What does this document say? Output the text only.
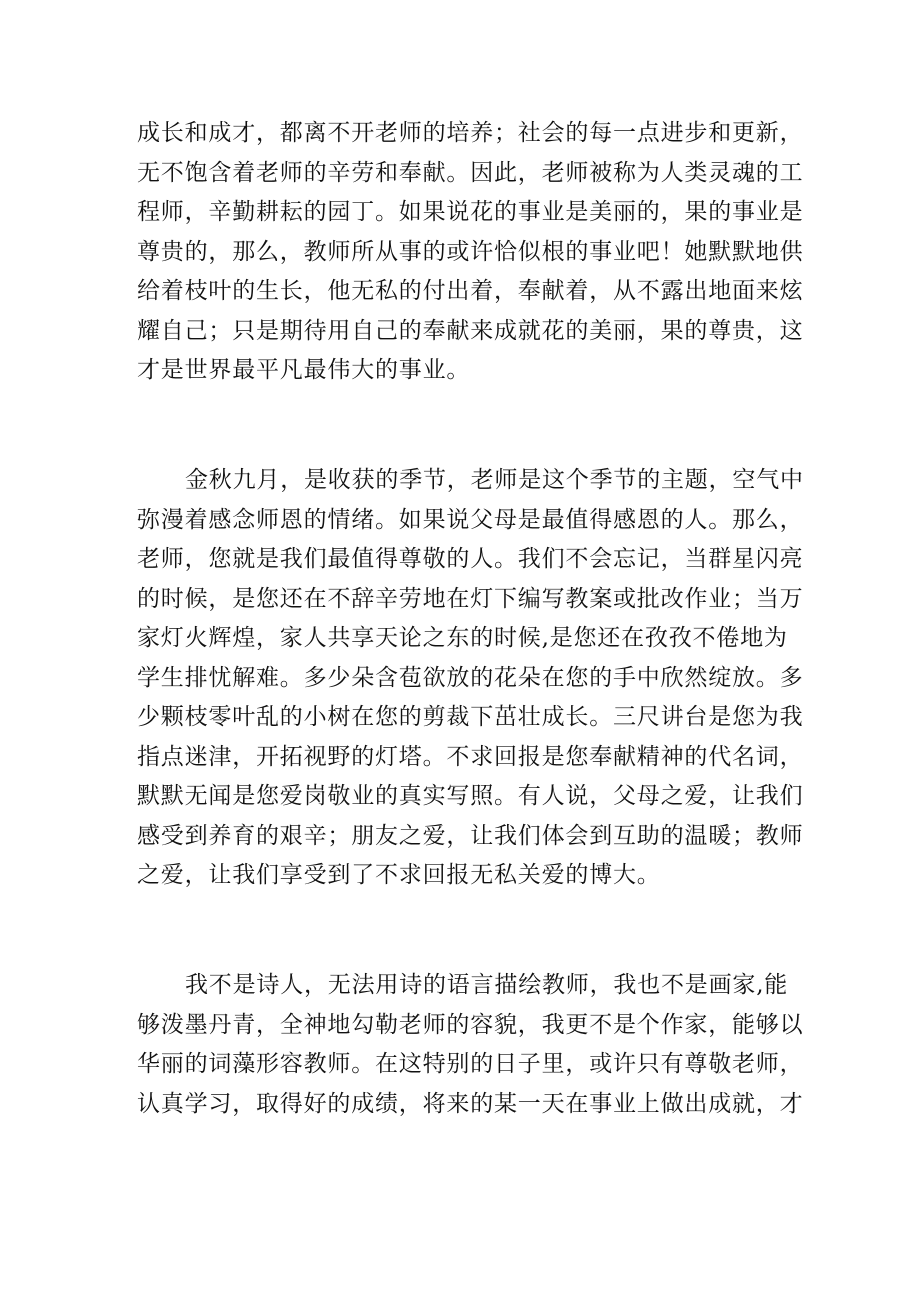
成长和成才，都离不开老师的培养；社会的每一点进步和更新，
无不饱含着老师的辛劳和奉献。因此，老师被称为人类灵魂的工
程师，辛勤耕耘的园丁。如果说花的事业是美丽的，果的事业是
尊贵的，那么，教师所从事的或许恰似根的事业吧！她默默地供
给着枝叶的生长，他无私的付出着，奉献着，从不露出地面来炫
耀自己；只是期待用自己的奉献来成就花的美丽，果的尊贵，这
才是世界最平凡最伟大的事业。
金秋九月，是收获的季节，老师是这个季节的主题，空气中
弥漫着感念师恩的情绪。如果说父母是最值得感恩的人。那么，
老师，您就是我们最值得尊敬的人。我们不会忘记，当群星闪亮
的时候，是您还在不辞辛劳地在灯下编写教案或批改作业；当万
家灯火辉煌，家人共享天论之东的时候,是您还在孜孜不倦地为
学生排忧解难。多少朵含苞欲放的花朵在您的手中欣然绽放。多
少颗枝零叶乱的小树在您的剪裁下茁壮成长。三尺讲台是您为我
指点迷津，开拓视野的灯塔。不求回报是您奉献精神的代名词，
默默无闻是您爱岗敬业的真实写照。有人说，父母之爱，让我们
感受到养育的艰辛；朋友之爱，让我们体会到互助的温暖；教师
之爱，让我们享受到了不求回报无私关爱的博大。
我不是诗人，无法用诗的语言描绘教师，我也不是画家,能
够泼墨丹青，全神地勾勒老师的容貌，我更不是个作家，能够以
华丽的词藻形容教师。在这特别的日子里，或许只有尊敬老师，
认真学习，取得好的成绩，将来的某一天在事业上做出成就，才
